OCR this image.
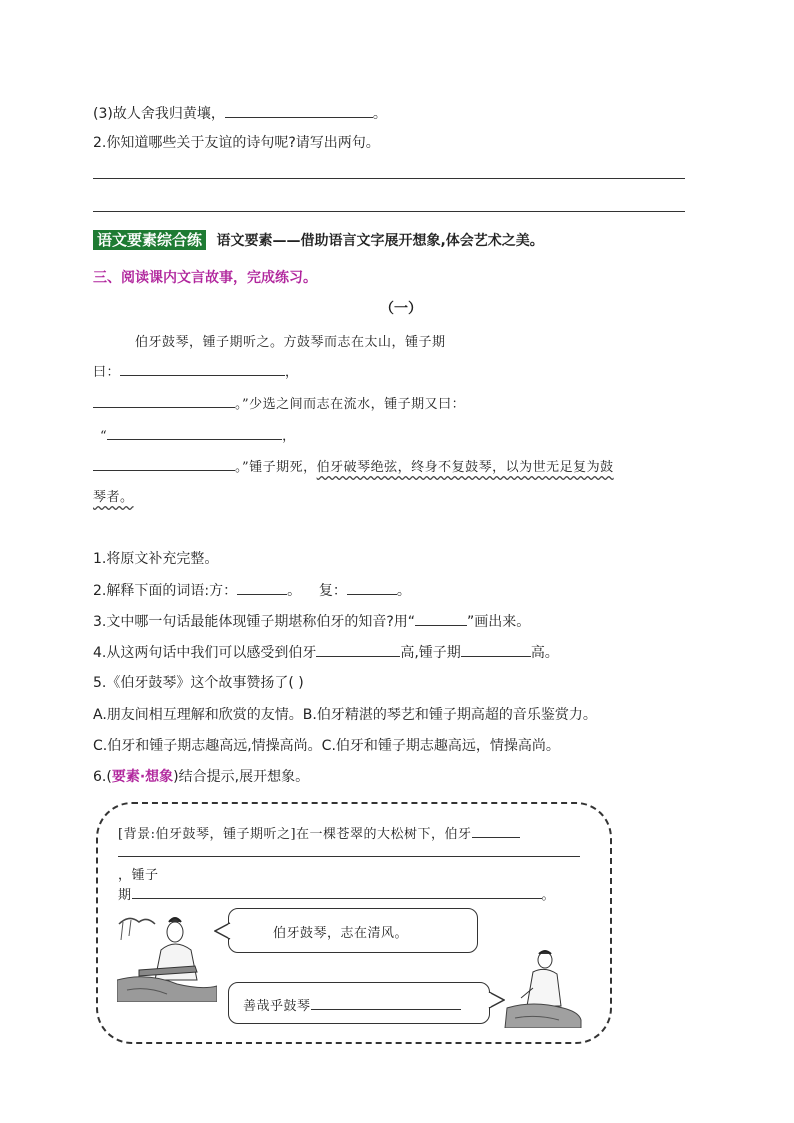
(3)故人舍我归黄壤，	。
2.你知道哪些关于友谊的诗句呢?请写出两句。
语文要素综合练 语文要素——借助语言文字展开想象,体会艺术之美。
三、阅读课内文言故事，完成练习。
（一）
伯牙鼓琴，锺子期听之。方鼓琴而志在太山，锺子期
曰：	，
。”少选之间而志在流水，锺子期又曰：
“	，
。”锺子期死，伯牙破琴绝弦，终身不复鼓琴，以为世无足复为鼓
琴者。
1.将原文补充完整。
2.解释下面的词语:方：	。    复：	。
3.文中哪一句话最能体现锺子期堪称伯牙的知音?用“	”画出来。
4.从这两句话中我们可以感受到伯牙	高,锺子期	高。
5.《伯牙鼓琴》这个故事赞扬了( )
A.朋友间相互理解和欣赏的友情。B.伯牙精湛的琴艺和锺子期高超的音乐鉴赏力。
C.伯牙和锺子期志趣高远,情操高尚。C.伯牙和锺子期志趣高远，情操高尚。
6.(要素·想象)结合提示,展开想象。
[背景:伯牙鼓琴，锺子期听之]在一棵苍翠的大松树下，伯牙
，锺子
期	。
伯牙鼓琴，志在清风。
善哉乎鼓琴
